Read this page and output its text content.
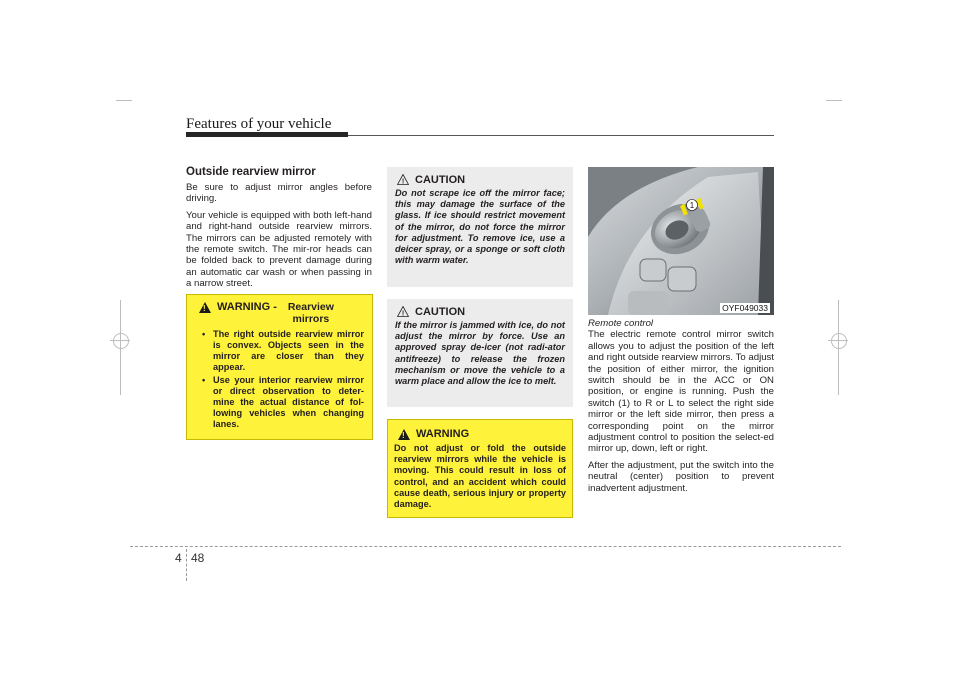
Features of your vehicle
Outside rearview mirror

Be sure to adjust mirror angles before driving.

Your vehicle is equipped with both left-hand and right-hand outside rearview mirrors. The mirrors can be adjusted remotely with the remote switch. The mir-ror heads can be folded back to prevent damage during an automatic car wash or when passing in a narrow street.

!
WARNING -	Rearview mirrors
• The right outside rearview mirror is convex. Objects seen in the mirror are closer than they appear.
• Use your interior rearview mirror or direct observation to deter-mine the actual distance of fol-lowing vehicles when changing lanes.
! CAUTION
Do not scrape ice off the mirror face; this may damage the surface of the glass. If ice should restrict movement of the mirror, do not force the mirror for adjustment. To remove ice, use a deicer spray, or a sponge or soft cloth with warm water.
! CAUTION
If the mirror is jammed with ice, do not adjust the mirror by force. Use an approved spray de-icer (not radi-ator antifreeze) to release the frozen mechanism or move the vehicle to a warm place and allow the ice to melt.
!
WARNING
Do not adjust or fold the outside rearview mirrors while the vehicle is moving. This could result in loss of control, and an accident which could cause death, serious injury or property damage.
1
OYF049033
Remote control

The electric remote control mirror switch allows you to adjust the position of the left and right outside rearview mirrors. To adjust the position of either mirror, the ignition switch should be in the ACC or ON position, or engine is running. Push the switch (1) to R or L to select the right side mirror or the left side mirror, then press a corresponding point on the mirror adjustment control to position the select-ed mirror up, down, left or right.

After the adjustment, put the switch into the neutral (center) position to prevent inadvertent adjustment.

4 48
